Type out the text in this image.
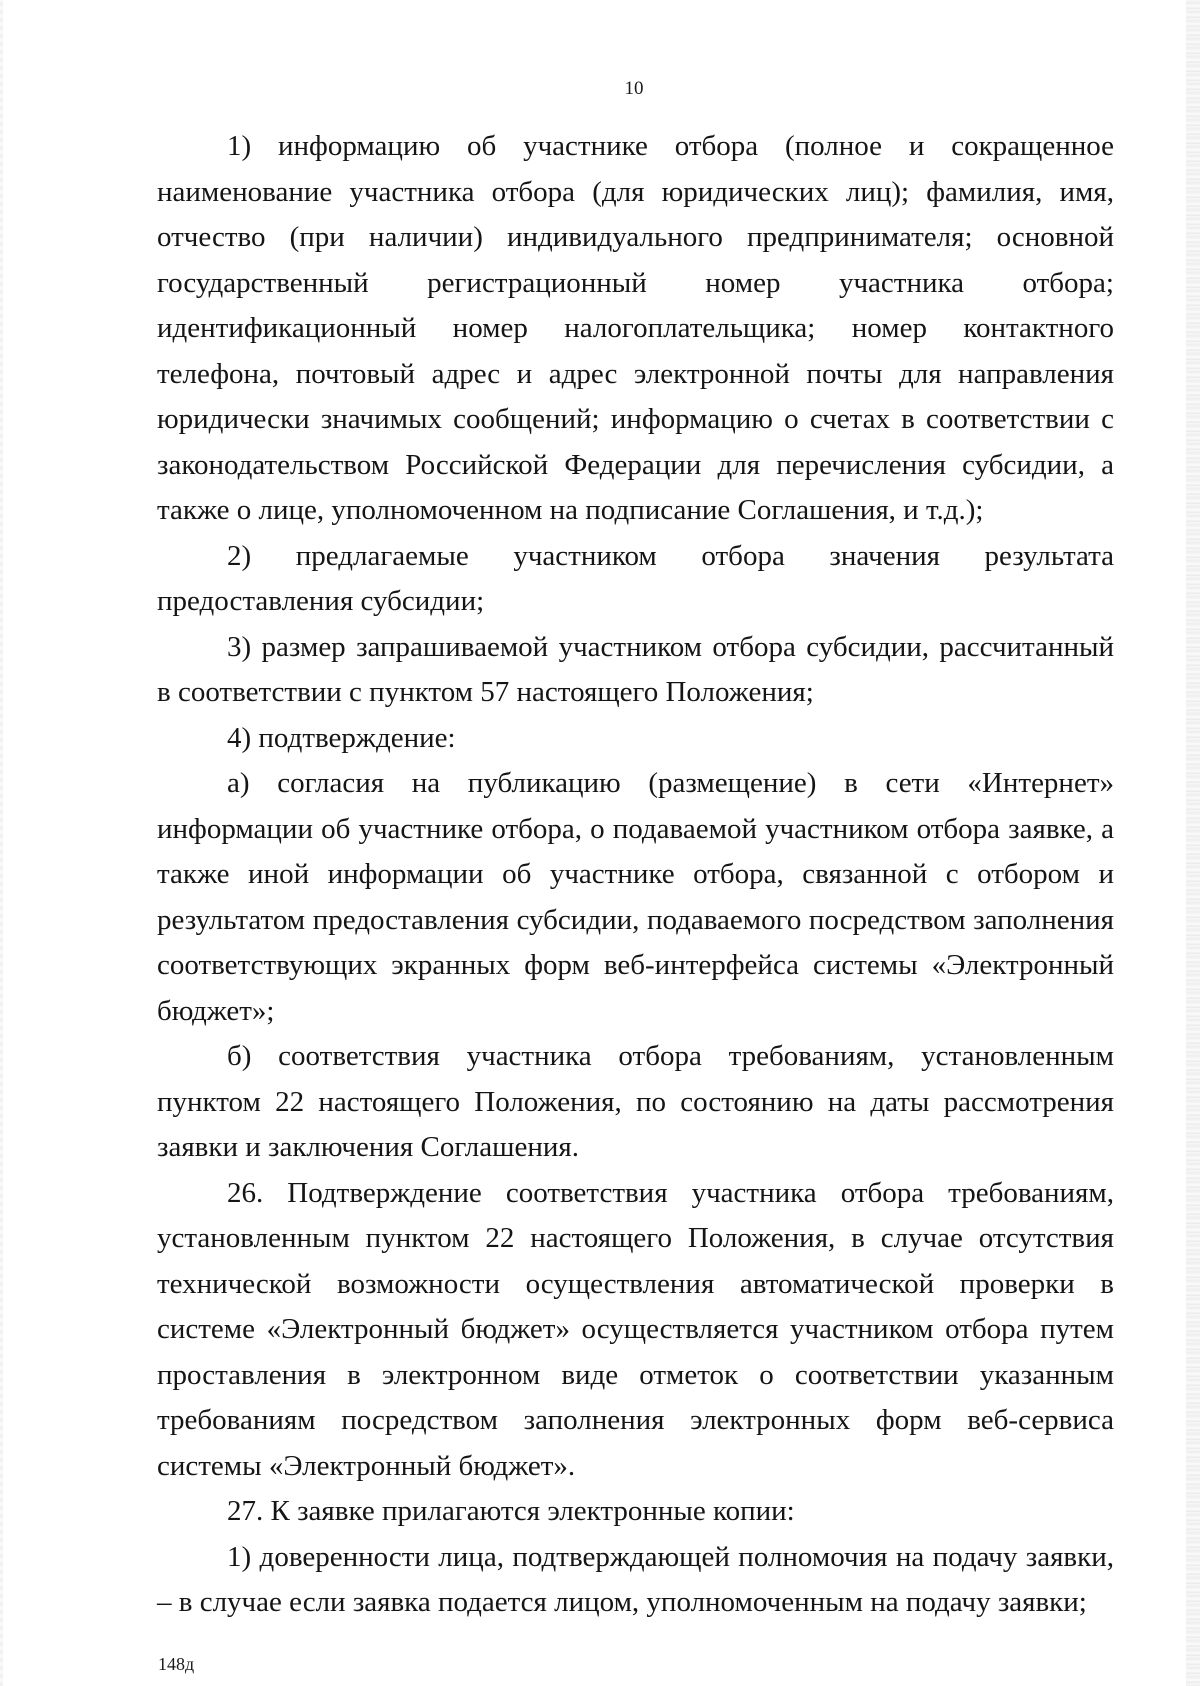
10

1) информацию об участнике отбора (полное и сокращенное наименование участника отбора (для юридических лиц); фамилия, имя, отчество (при наличии) индивидуального предпринимателя; основной государственный регистрационный номер участника отбора; идентификационный номер налогоплательщика; номер контактного телефона, почтовый адрес и адрес электронной почты для направления юридически значимых сообщений; информацию о счетах в соответствии с законодательством Российской Федерации для перечисления субсидии, а также о лице, уполномоченном на подписание Соглашения, и т.д.);

2) предлагаемые участником отбора значения результата предоставления субсидии;

3) размер запрашиваемой участником отбора субсидии, рассчитанный в соответствии с пунктом 57 настоящего Положения;

4) подтверждение:

а) согласия на публикацию (размещение) в сети «Интернет» информации об участнике отбора, о подаваемой участником отбора заявке, а также иной информации об участнике отбора, связанной с отбором и результатом предоставления субсидии, подаваемого посредством заполнения соответствующих экранных форм веб-интерфейса системы «Электронный бюджет»;

б) соответствия участника отбора требованиям, установленным пунктом 22 настоящего Положения, по состоянию на даты рассмотрения заявки и заключения Соглашения.

26. Подтверждение соответствия участника отбора требованиям, установленным пунктом 22 настоящего Положения, в случае отсутствия технической возможности осуществления автоматической проверки в системе «Электронный бюджет» осуществляется участником отбора путем проставления в электронном виде отметок о соответствии указанным требованиям посредством заполнения электронных форм веб-сервиса системы «Электронный бюджет».

27. К заявке прилагаются электронные копии:

1) доверенности лица, подтверждающей полномочия на подачу заявки, – в случае если заявка подается лицом, уполномоченным на подачу заявки;

148д
